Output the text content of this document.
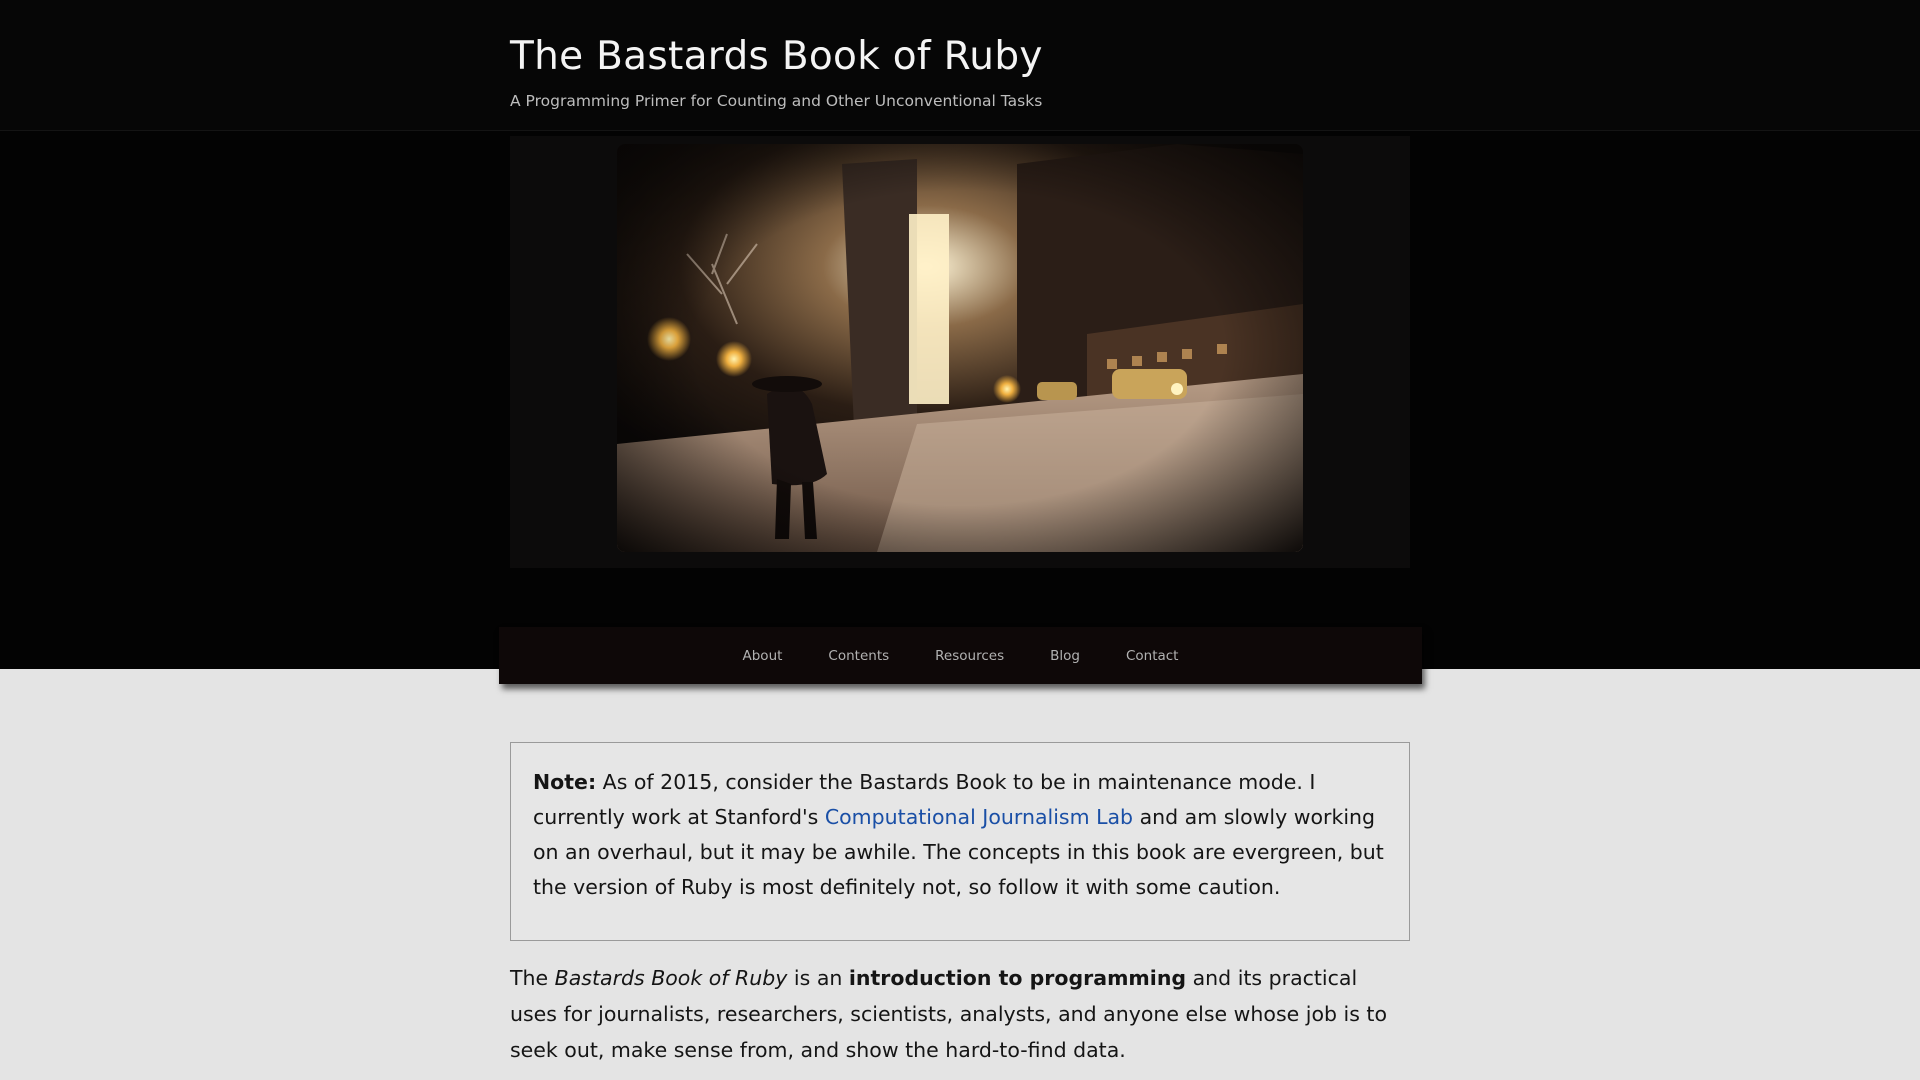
The Bastards Book of Ruby

A Programming Primer for Counting and Other Unconventional Tasks

About	Contents	Resources	Blog	Contact
Note: As of 2015, consider the Bastards Book to be in maintenance mode. I currently work at Stanford's Computational Journalism Lab and am slowly working on an overhaul, but it may be awhile. The concepts in this book are evergreen, but the version of Ruby is most definitely not, so follow it with some caution.

The Bastards Book of Ruby is an introduction to programming and its practical uses for journalists, researchers, scientists, analysts, and anyone else whose job is to seek out, make sense from, and show the hard-to-find data.
